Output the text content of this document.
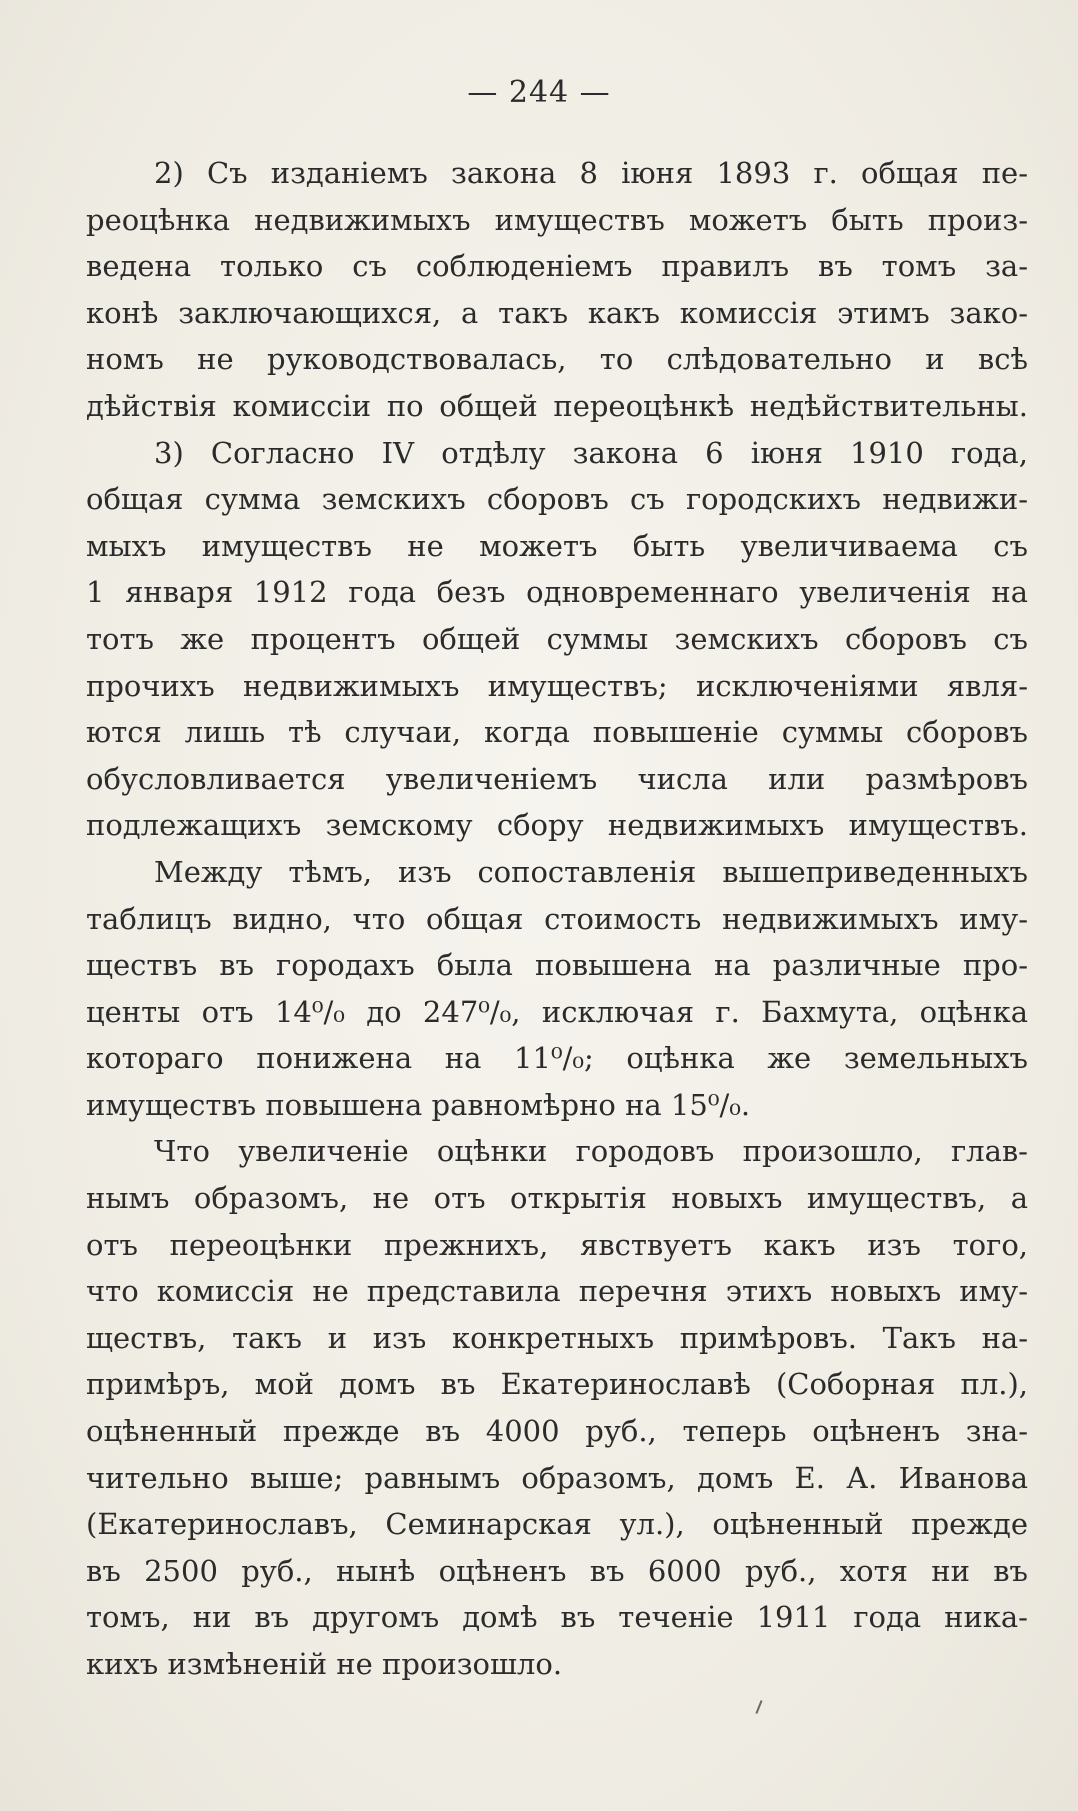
— 244 —

2) Съ изданіемъ закона 8 іюня 1893 г. общая пе-
реоцѣнка недвижимыхъ имуществъ можетъ быть произ-
ведена только съ соблюденіемъ правилъ въ томъ за-
конѣ заключающихся, а такъ какъ комиссія этимъ зако-
номъ не руководствовалась, то слѣдовательно и всѣ
дѣйствія комиссіи по общей переоцѣнкѣ недѣйствительны.

3) Согласно IV отдѣлу закона 6 іюня 1910 года,
общая сумма земскихъ сборовъ съ городскихъ недвижи-
мыхъ имуществъ не можетъ быть увеличиваема съ
1 января 1912 года безъ одновременнаго увеличенія на
тотъ же процентъ общей суммы земскихъ сборовъ съ
прочихъ недвижимыхъ имуществъ; исключеніями явля-
ются лишь тѣ случаи, когда повышеніе суммы сборовъ
обусловливается увеличеніемъ числа или размѣровъ
подлежащихъ земскому сбору недвижимыхъ имуществъ.

Между тѣмъ, изъ сопоставленія вышеприведенныхъ
таблицъ видно, что общая стоимость недвижимыхъ иму-
ществъ въ городахъ была повышена на различные про-
центы отъ 14⁰/₀ до 247⁰/₀, исключая г. Бахмута, оцѣнка
котораго понижена на 11⁰/₀; оцѣнка же земельныхъ
имуществъ повышена равномѣрно на 15⁰/₀.

Что увеличеніе оцѣнки городовъ произошло, глав-
нымъ образомъ, не отъ открытія новыхъ имуществъ, а
отъ переоцѣнки прежнихъ, явствуетъ какъ изъ того,
что комиссія не представила перечня этихъ новыхъ иму-
ществъ, такъ и изъ конкретныхъ примѣровъ. Такъ на-
примѣръ, мой домъ въ Екатеринославѣ (Соборная пл.),
оцѣненный прежде въ 4000 руб., теперь оцѣненъ зна-
чительно выше; равнымъ образомъ, домъ Е. А. Иванова
(Екатеринославъ, Семинарская ул.), оцѣненный прежде
въ 2500 руб., нынѣ оцѣненъ въ 6000 руб., хотя ни въ
томъ, ни въ другомъ домѣ въ теченіе 1911 года ника-
кихъ измѣненій не произошло.
